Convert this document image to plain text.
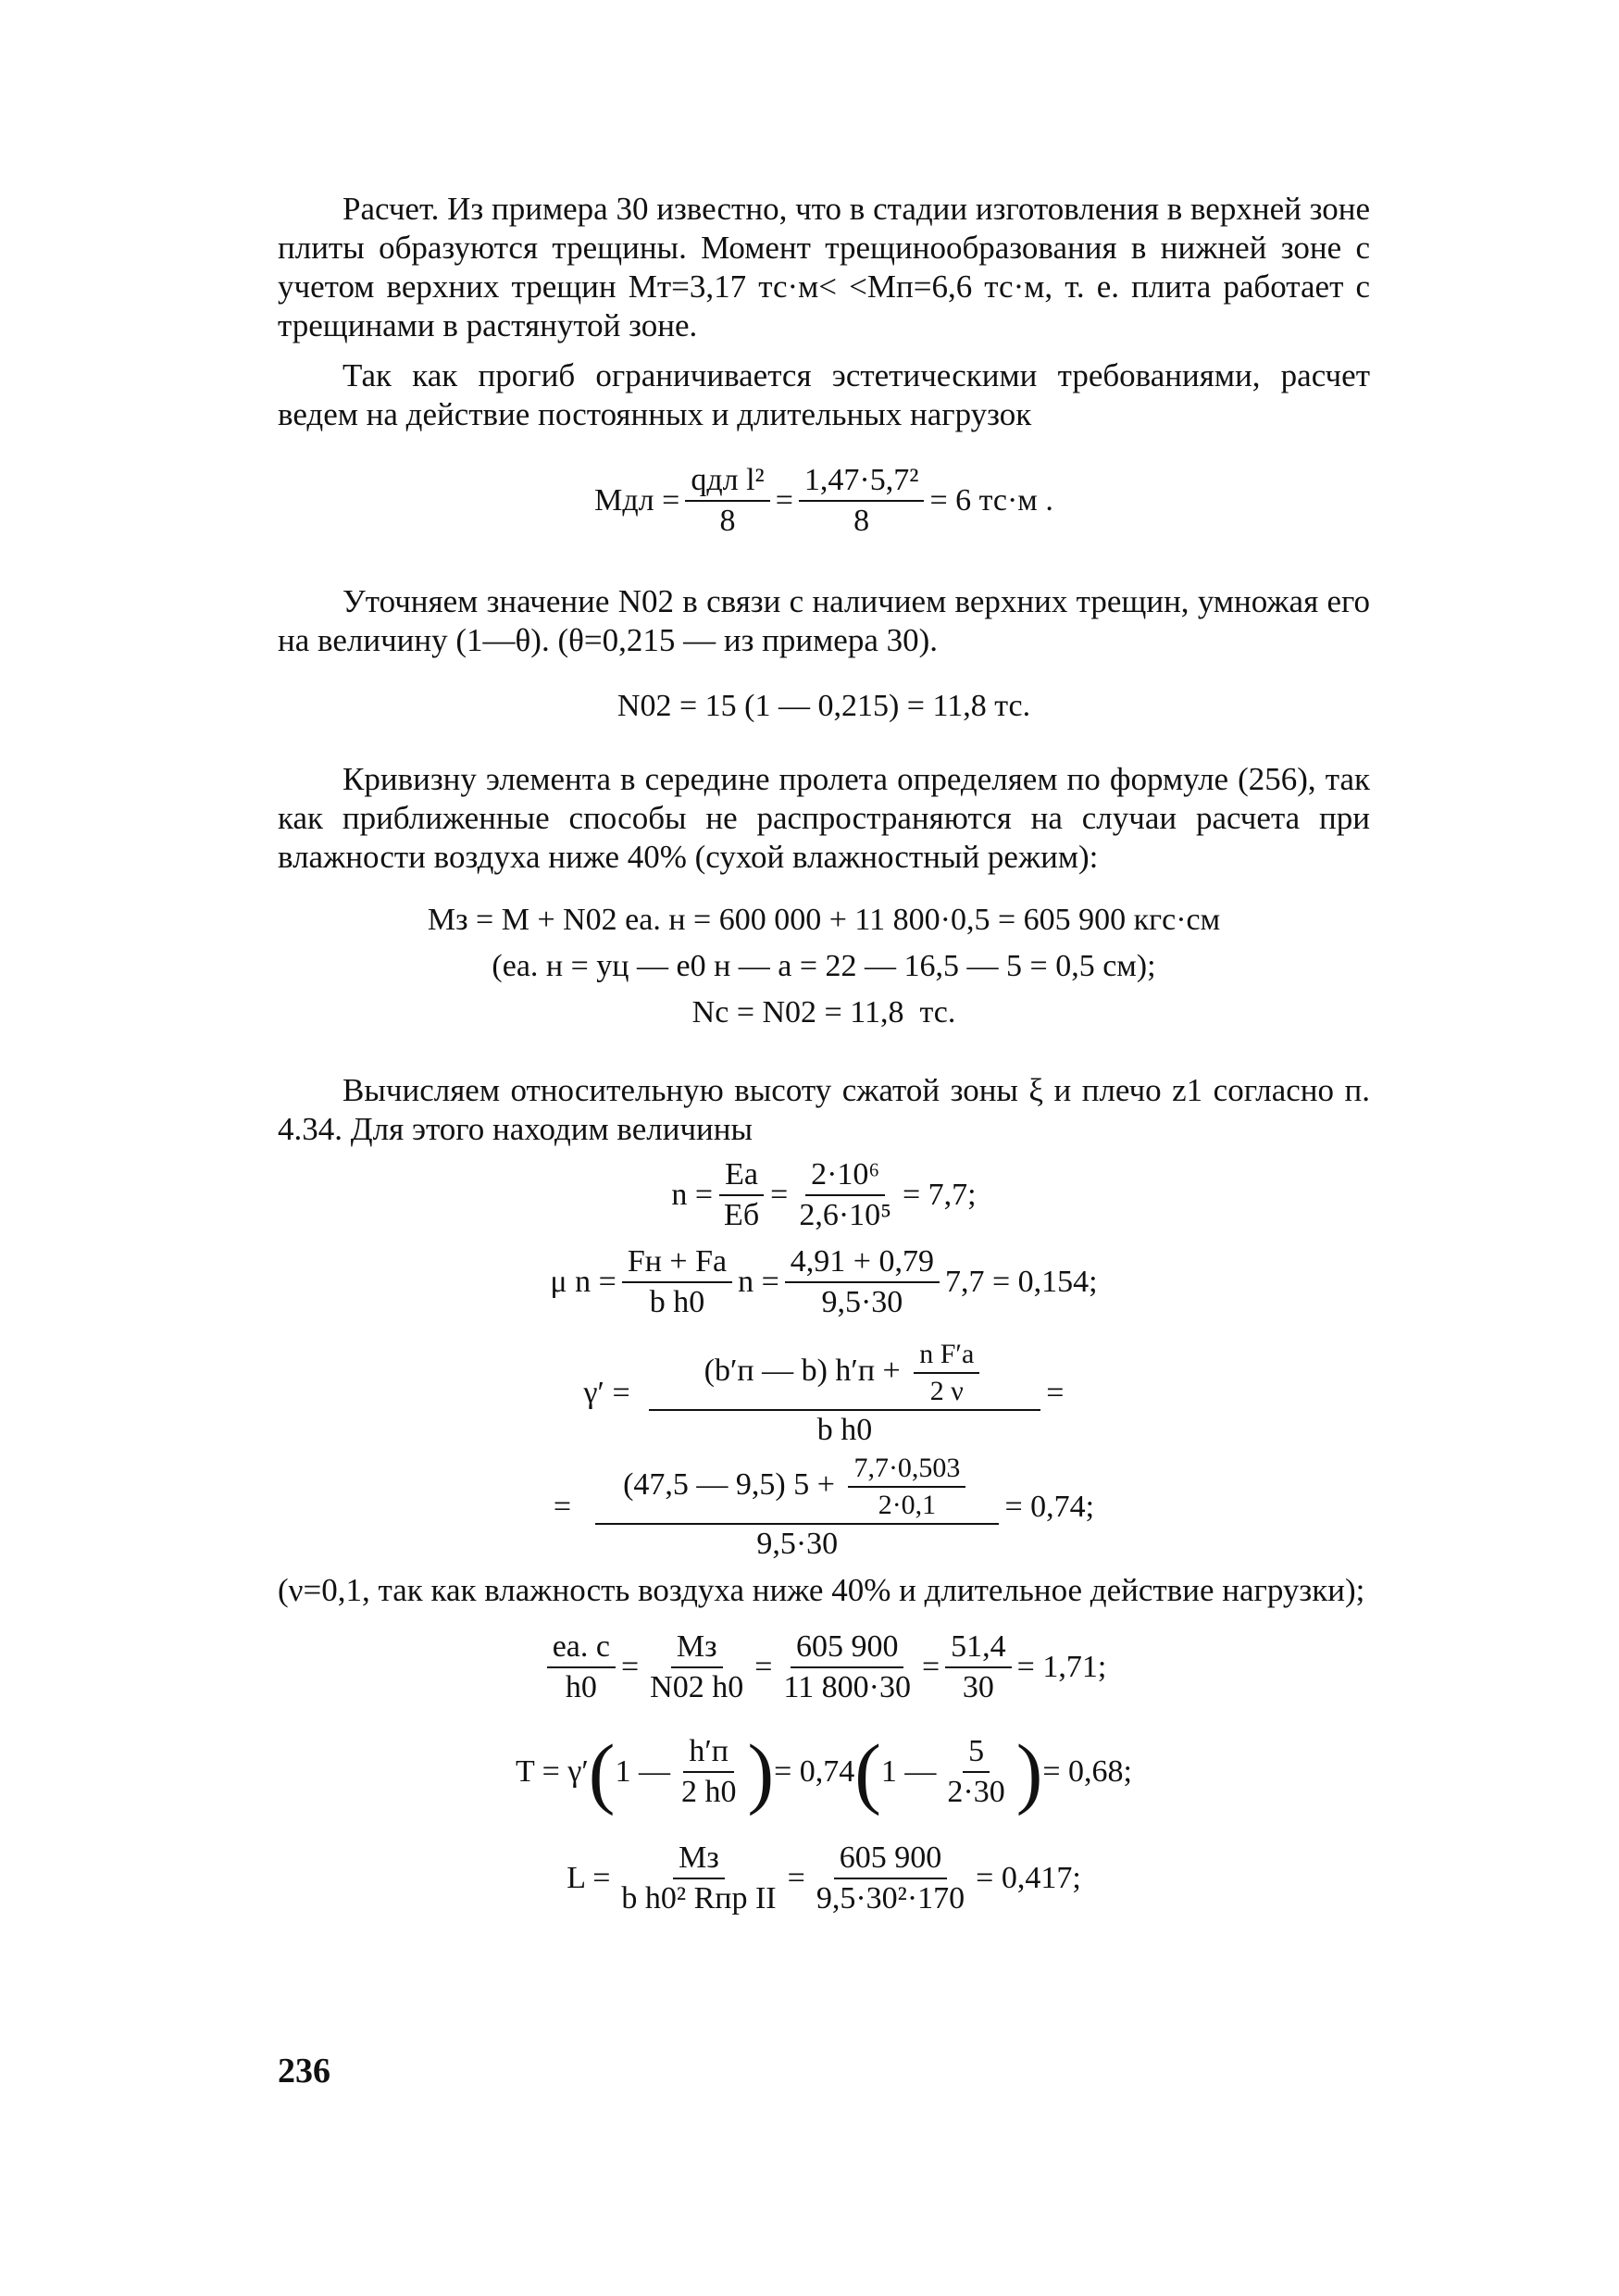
Расчет. Из примера 30 известно, что в стадии изготовления в верхней зоне плиты образуются трещины. Момент трещинообразования в нижней зоне с учетом верхних трещин Mт=3,17 тс·м< <Mп=6,6 тс·м, т. е. плита работает с трещинами в растянутой зоне.

Так как прогиб ограничивается эстетическими требованиями, расчет ведем на действие постоянных и длительных нагрузок

Mдл = $\frac{\text{qдл l²}}{8} = \frac{\text{1,47·5,7²}}{8} = 6$ тс·м .

Уточняем значение N02 в связи с наличием верхних трещин, умножая его на величину (1—θ). (θ=0,215 — из примера 30).

N02 = 15 (1 — 0,215) = 11,8 тс.

Кривизну элемента в середине пролета определяем по формуле (256), так как приближенные способы не распространяются на случаи расчета при влажности воздуха ниже 40% (сухой влажностный режим):

Mз = M + N02 eа. н = 600 000 + 11 800·0,5 = 605 900 кгс·см
(eа. н = yц — e0 н — a = 22 — 16,5 — 5 = 0,5 см);
Nc = N02 = 11,8  тс.

Вычисляем относительную высоту сжатой зоны ξ и плечо z1 согласно п. 4.34. Для этого находим величины

$n = \frac{Eа}{Eб} = \frac{\text{2·10⁶}}{\text{2,6·10⁵}} = 7,7$;
μ $n = \frac{Fн + Fа}{\text{b h0}}$ $n = \frac{4,91 + 0,79}{9,5\cdot 30} 7,7 = 0,154$;
$\gamma' = \frac{(b'п — b) h'п + \frac{\text{n F′а}}{2 \nu}}{\text{b h0}}$ =
=
(47,5 — 9,5) $5 + \frac{7,7\cdot 0,503}{2\cdot 0,1}$
9,5·30
= 0,74;

(ν=0,1, так как влажность воздуха ниже 40% и длительное действие нагрузки);

$\frac{eа. с}{h0} = \frac{Mз}{N02 h0} = \frac{605 900}{11 800\cdot 30} = \frac{51,4}{30} = 1,71$;
T = γ′ ( 1 — $\frac{h'п}{2 h0}$ ) = 0,74 ( 1 — $\frac{5}{2\cdot 30}$ ) = 0,68;
$L = \frac{Mз}{\text{b h0² Rпр II}} = \frac{605 900}{\text{9,5·30²·170}} = 0,417$;
236
